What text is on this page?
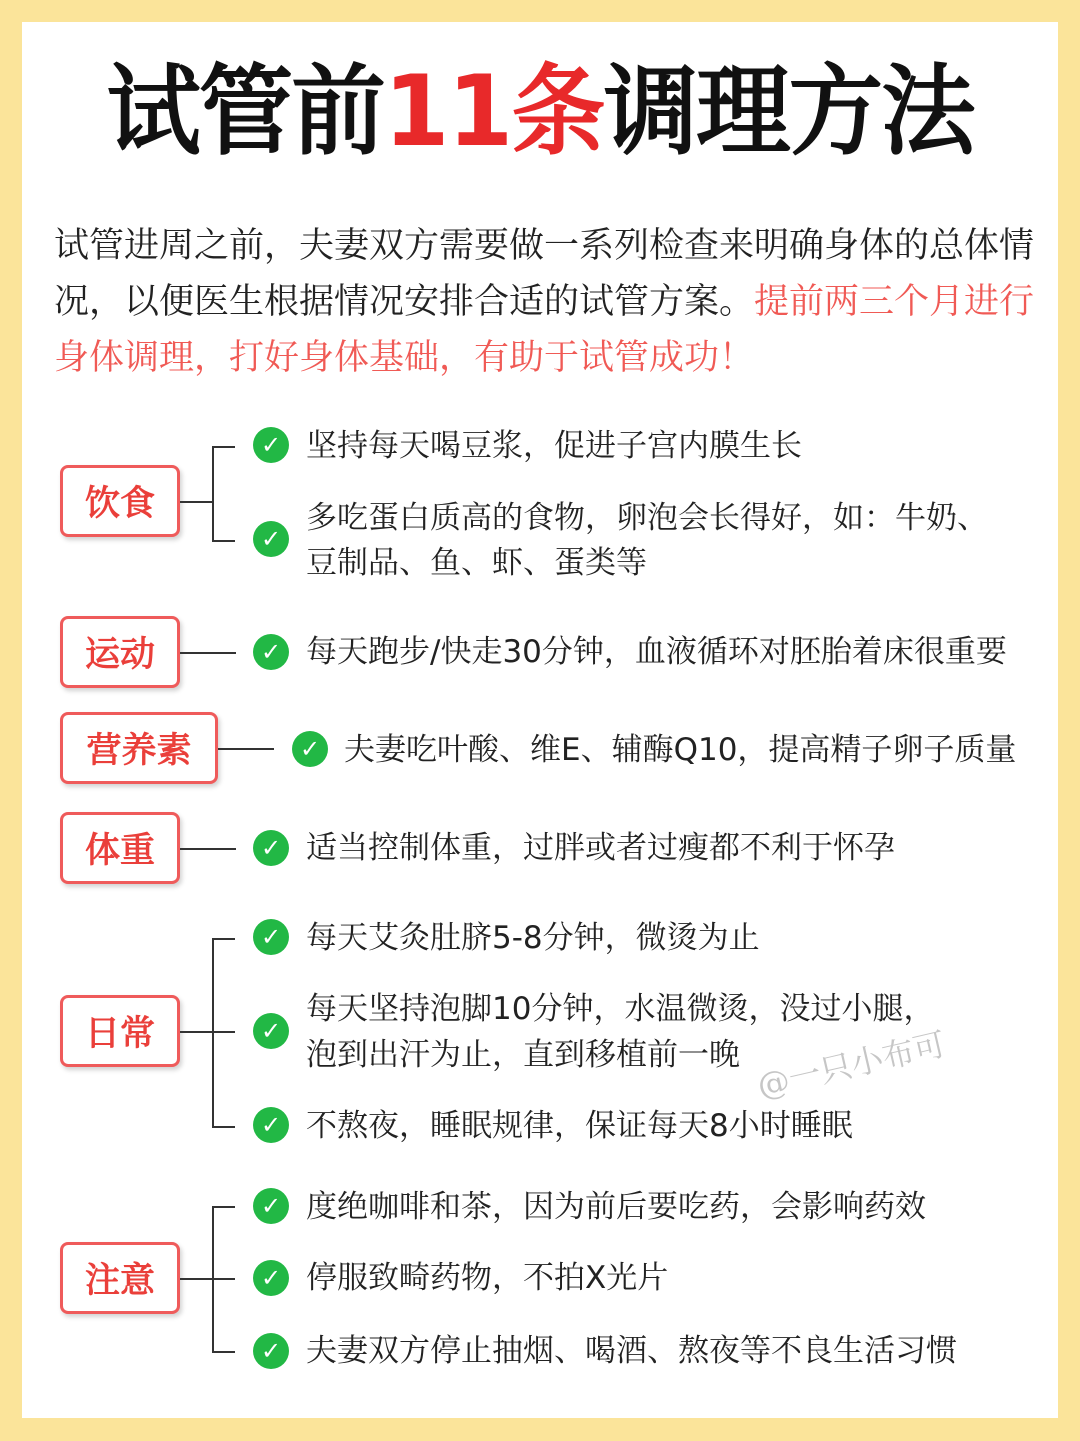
试管前11条调理方法

试管进周之前，夫妻双方需要做一系列检查来明确身体的总体情况，以便医生根据情况安排合适的试管方案。提前两三个月进行身体调理，打好身体基础，有助于试管成功！

饮食
✓ 坚持每天喝豆浆，促进子宫内膜生长
✓
多吃蛋白质高的食物，卵泡会长得好，如：牛奶、
豆制品、鱼、虾、蛋类等
运动	✓ 每天跑步/快走30分钟，血液循环对胚胎着床很重要
营养素	✓ 夫妻吃叶酸、维E、辅酶Q10，提高精子卵子质量
体重	✓ 适当控制体重，过胖或者过瘦都不利于怀孕
日常
✓ 每天艾灸肚脐5-8分钟，微烫为止
✓
每天坚持泡脚10分钟，水温微烫，没过小腿，
泡到出汗为止，直到移植前一晚
✓ 不熬夜，睡眠规律，保证每天8小时睡眠
注意
✓ 度绝咖啡和茶，因为前后要吃药，会影响药效
✓ 停服致畸药物，不拍X光片
✓ 夫妻双方停止抽烟、喝酒、熬夜等不良生活习惯
@一只小布可
